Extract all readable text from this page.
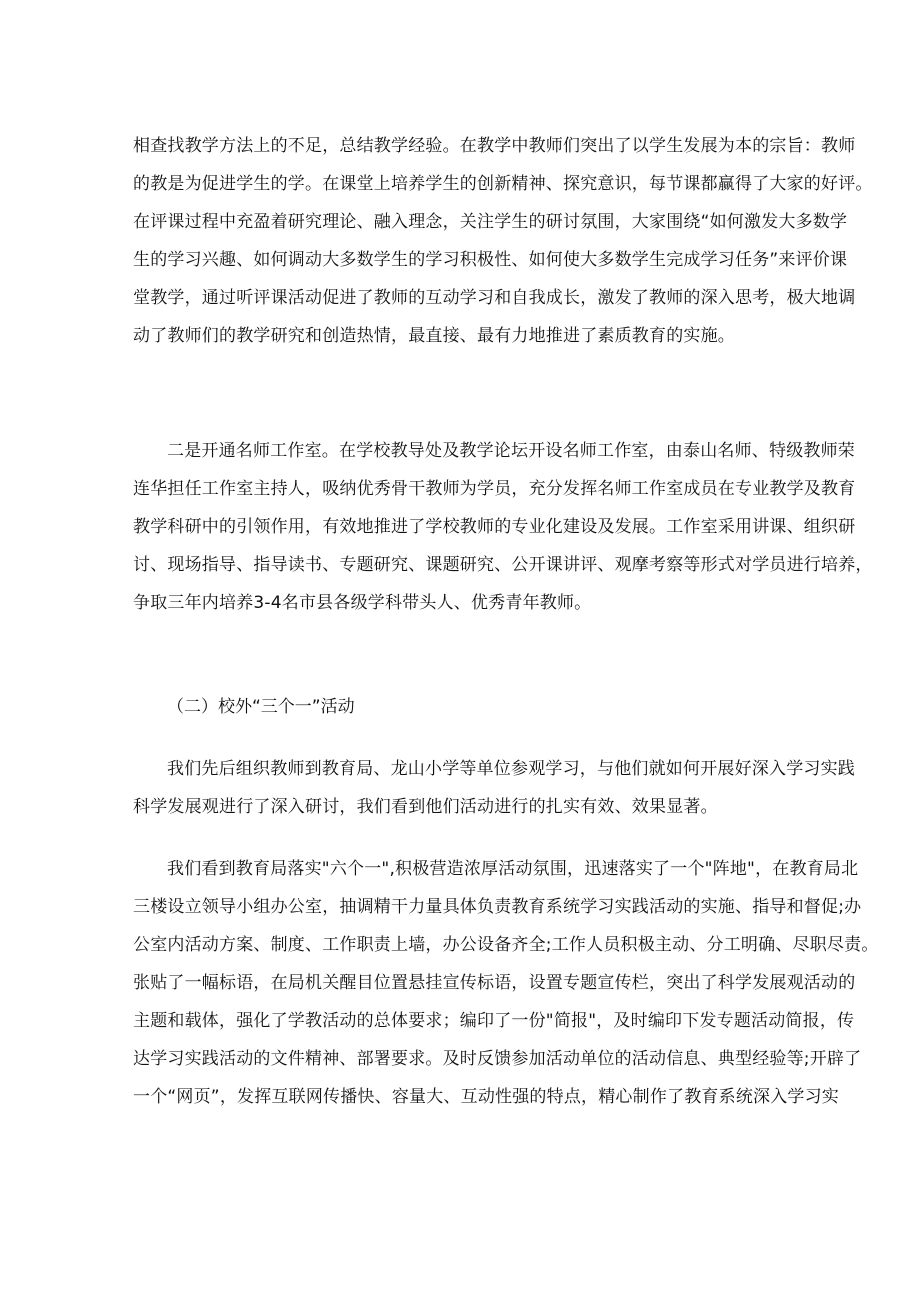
相查找教学方法上的不足，总结教学经验。在教学中教师们突出了以学生发展为本的宗旨：教师
的教是为促进学生的学。在课堂上培养学生的创新精神、探究意识，每节课都赢得了大家的好评。
在评课过程中充盈着研究理论、融入理念，关注学生的研讨氛围，大家围绕“如何激发大多数学
生的学习兴趣、如何调动大多数学生的学习积极性、如何使大多数学生完成学习任务”来评价课
堂教学，通过听评课活动促进了教师的互动学习和自我成长，激发了教师的深入思考，极大地调
动了教师们的教学研究和创造热情，最直接、最有力地推进了素质教育的实施。
二是开通名师工作室。在学校教导处及教学论坛开设名师工作室，由泰山名师、特级教师荣
连华担任工作室主持人，吸纳优秀骨干教师为学员，充分发挥名师工作室成员在专业教学及教育
教学科研中的引领作用，有效地推进了学校教师的专业化建设及发展。工作室采用讲课、组织研
讨、现场指导、指导读书、专题研究、课题研究、公开课讲评、观摩考察等形式对学员进行培养，
争取三年内培养3-4名市县各级学科带头人、优秀青年教师。
（二）校外“三个一”活动
我们先后组织教师到教育局、龙山小学等单位参观学习，与他们就如何开展好深入学习实践
科学发展观进行了深入研讨，我们看到他们活动进行的扎实有效、效果显著。
我们看到教育局落实"六个一",积极营造浓厚活动氛围，迅速落实了一个"阵地"，在教育局北
三楼设立领导小组办公室，抽调精干力量具体负责教育系统学习实践活动的实施、指导和督促;办
公室内活动方案、制度、工作职责上墙，办公设备齐全;工作人员积极主动、分工明确、尽职尽责。
张贴了一幅标语，在局机关醒目位置悬挂宣传标语，设置专题宣传栏，突出了科学发展观活动的
主题和载体，强化了学教活动的总体要求；编印了一份"简报"，及时编印下发专题活动简报，传
达学习实践活动的文件精神、部署要求。及时反馈参加活动单位的活动信息、典型经验等;开辟了
一个“网页”，发挥互联网传播快、容量大、互动性强的特点，精心制作了教育系统深入学习实
